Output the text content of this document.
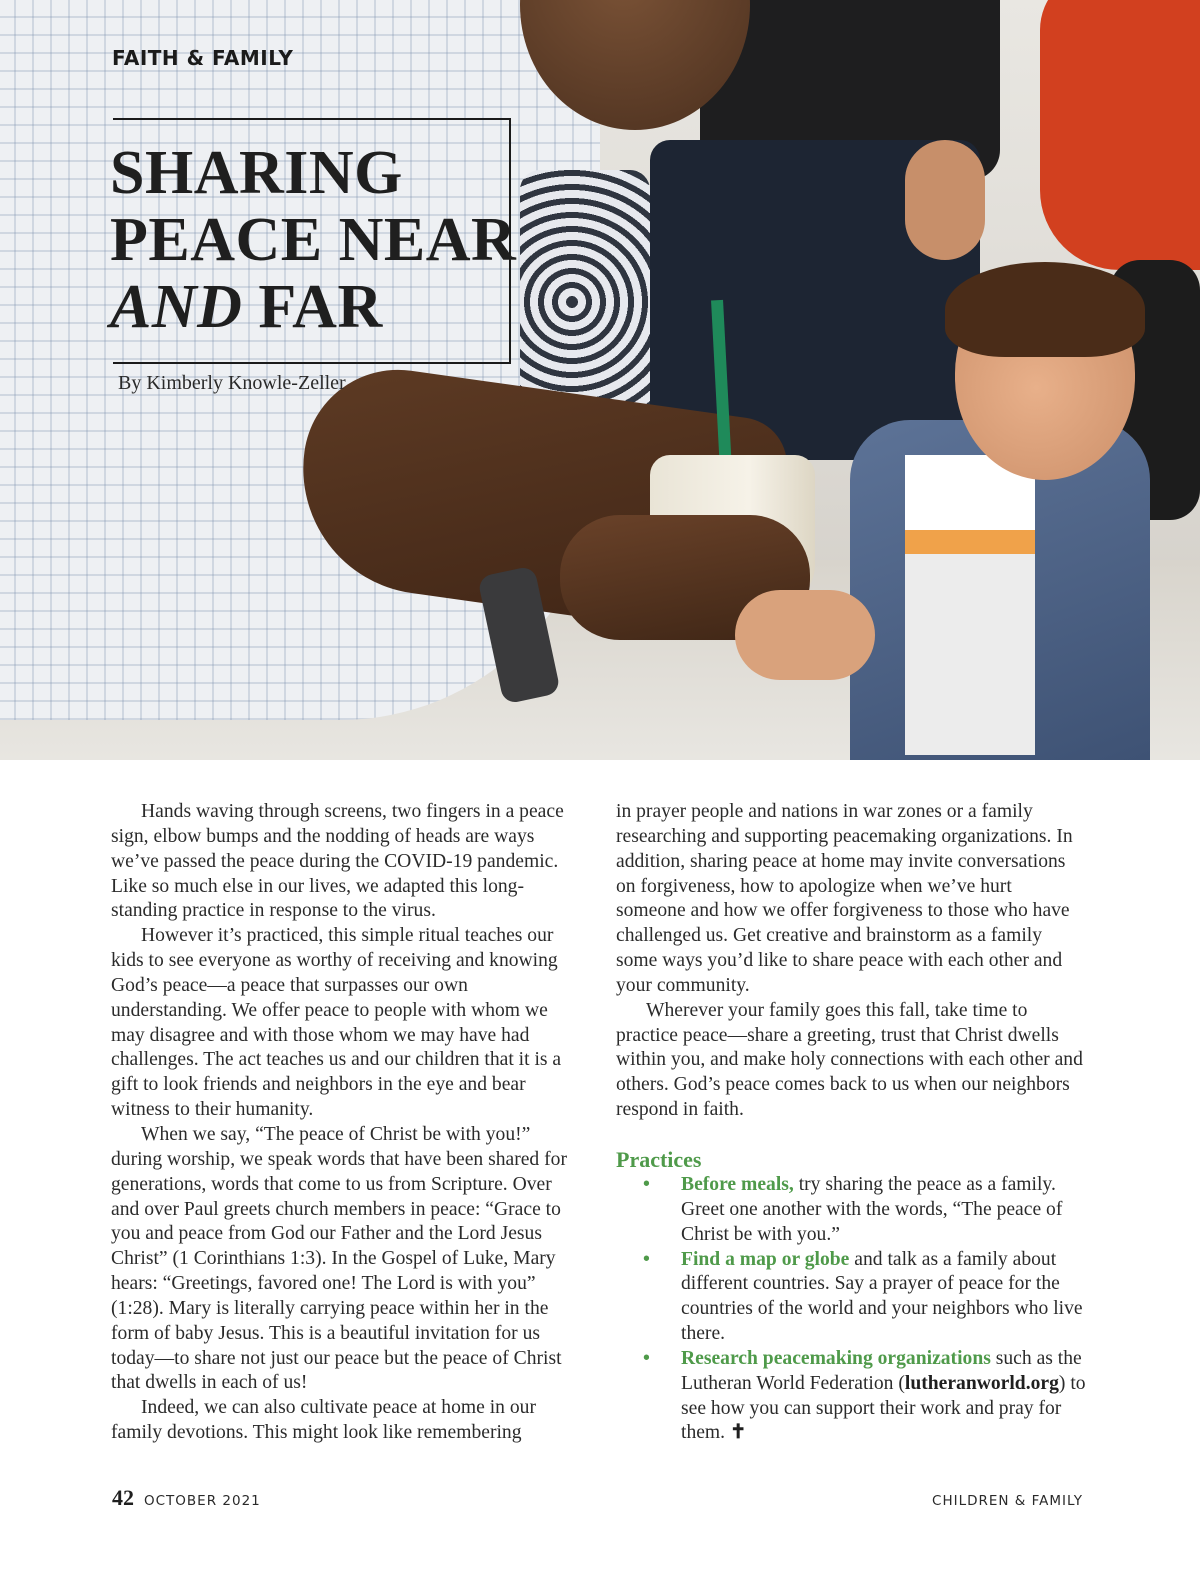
FAITH & FAMILY
SHARING
PEACE NEAR
AND FAR
By Kimberly Knowle-Zeller

Hands waving through screens, two fingers in a peace sign, elbow bumps and the nodding of heads are ways we’ve passed the peace during the COVID-19 pandemic. Like so much else in our lives, we adapted this long-standing practice in response to the virus.

However it’s practiced, this simple ritual teaches our kids to see everyone as worthy of receiving and knowing God’s peace—a peace that surpasses our own understanding. We offer peace to people with whom we may disagree and with those whom we may have had challenges. The act teaches us and our children that it is a gift to look friends and neighbors in the eye and bear witness to their humanity.

When we say, “The peace of Christ be with you!” during worship, we speak words that have been shared for generations, words that come to us from Scripture. Over and over Paul greets church members in peace: “Grace to you and peace from God our Father and the Lord Jesus Christ” (1 Corinthians 1:3). In the Gospel of Luke, Mary hears: “Greetings, favored one! The Lord is with you” (1:28). Mary is literally carrying peace within her in the form of baby Jesus. This is a beautiful invitation for us today—to share not just our peace but the peace of Christ that dwells in each of us!

Indeed, we can also cultivate peace at home in our family devotions. This might look like remembering

in prayer people and nations in war zones or a family researching and supporting peacemaking organizations. In addition, sharing peace at home may invite conversations on forgiveness, how to apologize when we’ve hurt someone and how we offer forgiveness to those who have challenged us. Get creative and brainstorm as a family some ways you’d like to share peace with each other and your community.

Wherever your family goes this fall, take time to practice peace—share a greeting, trust that Christ dwells within you, and make holy connections with each other and others. God’s peace comes back to us when our neighbors respond in faith.

Practices
• Before meals, try sharing the peace as a family. Greet one another with the words, “The peace of Christ be with you.”
• Find a map or globe and talk as a family about different countries. Say a prayer of peace for the countries of the world and your neighbors who live there.
• Research peacemaking organizations such as the Lutheran World Federation (lutheranworld.org) to see how you can support their work and pray for them. ✝
42 OCTOBER 2021	CHILDREN & FAMILY
